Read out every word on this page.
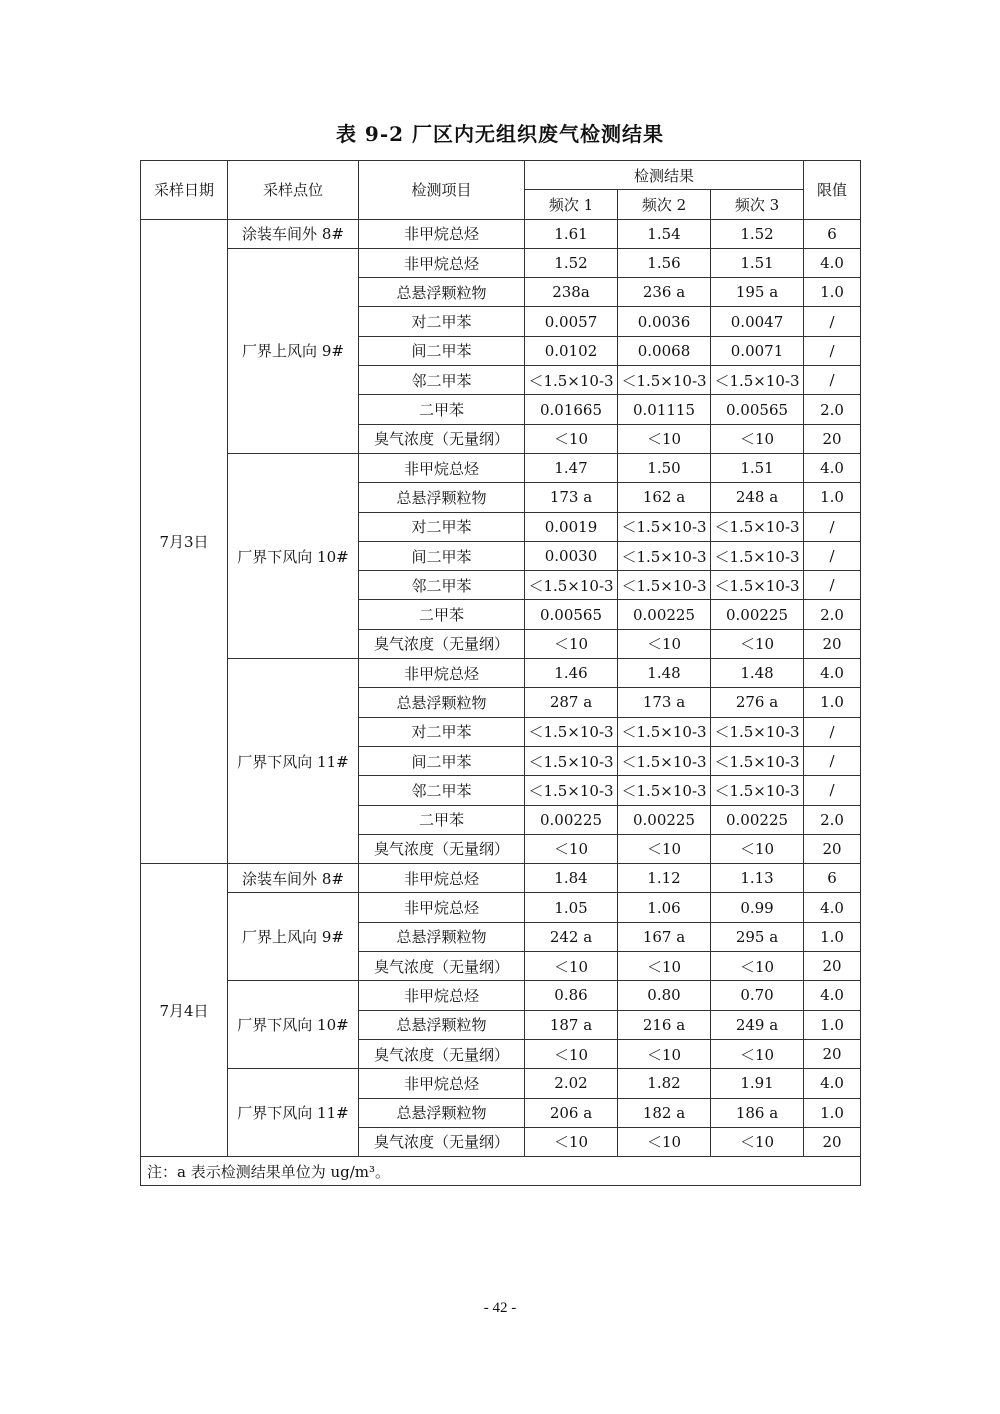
表 9-2 厂区内无组织废气检测结果
采样日期	采样点位	检测项目	检测结果			限值
			频次 1	频次 2	频次 3	
7月3日	涂装车间外 8#	非甲烷总烃	1.61	1.54	1.52	6
	厂界上风向 9#	非甲烷总烃	1.52	1.56	1.51	4.0
		总悬浮颗粒物	238a	236 a	195 a	1.0
		对二甲苯	0.0057	0.0036	0.0047	/
		间二甲苯	0.0102	0.0068	0.0071	/
		邻二甲苯	＜1.5×10-3	＜1.5×10-3	＜1.5×10-3	/
		二甲苯	0.01665	0.01115	0.00565	2.0
		臭气浓度（无量纲）	＜10	＜10	＜10	20
	厂界下风向 10#	非甲烷总烃	1.47	1.50	1.51	4.0
		总悬浮颗粒物	173 a	162 a	248 a	1.0
		对二甲苯	0.0019	＜1.5×10-3	＜1.5×10-3	/
		间二甲苯	0.0030	＜1.5×10-3	＜1.5×10-3	/
		邻二甲苯	＜1.5×10-3	＜1.5×10-3	＜1.5×10-3	/
		二甲苯	0.00565	0.00225	0.00225	2.0
		臭气浓度（无量纲）	＜10	＜10	＜10	20
	厂界下风向 11#	非甲烷总烃	1.46	1.48	1.48	4.0
		总悬浮颗粒物	287 a	173 a	276 a	1.0
		对二甲苯	＜1.5×10-3	＜1.5×10-3	＜1.5×10-3	/
		间二甲苯	＜1.5×10-3	＜1.5×10-3	＜1.5×10-3	/
		邻二甲苯	＜1.5×10-3	＜1.5×10-3	＜1.5×10-3	/
		二甲苯	0.00225	0.00225	0.00225	2.0
		臭气浓度（无量纲）	＜10	＜10	＜10	20
7月4日	涂装车间外 8#	非甲烷总烃	1.84	1.12	1.13	6
	厂界上风向 9#	非甲烷总烃	1.05	1.06	0.99	4.0
		总悬浮颗粒物	242 a	167 a	295 a	1.0
		臭气浓度（无量纲）	＜10	＜10	＜10	20
	厂界下风向 10#	非甲烷总烃	0.86	0.80	0.70	4.0
		总悬浮颗粒物	187 a	216 a	249 a	1.0
		臭气浓度（无量纲）	＜10	＜10	＜10	20
	厂界下风向 11#	非甲烷总烃	2.02	1.82	1.91	4.0
		总悬浮颗粒物	206 a	182 a	186 a	1.0
		臭气浓度（无量纲）	＜10	＜10	＜10	20
注：a 表示检测结果单位为 ug/m³。						
- 42 -
